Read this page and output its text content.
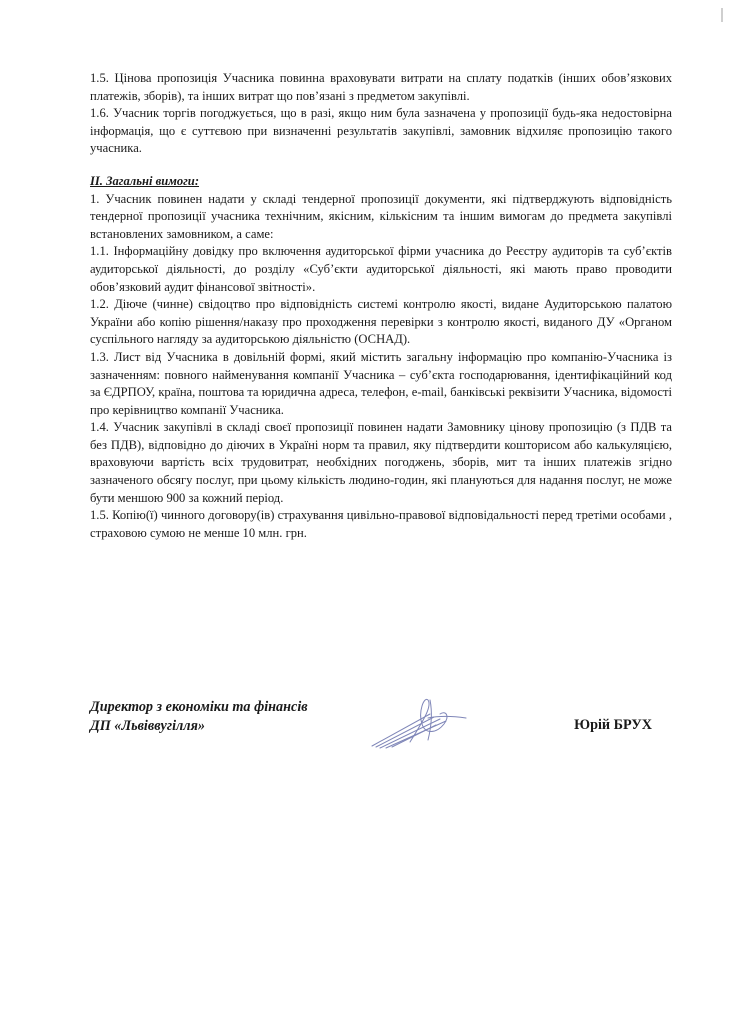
1.5. Цінова пропозиція Учасника повинна враховувати витрати на сплату податків (інших обов’язкових платежів, зборів), та інших витрат що пов’язані з предметом закупівлі.

1.6. Учасник торгів погоджується, що в разі, якщо ним була зазначена у пропозиції будь-яка недостовірна інформація, що є суттєвою при визначенні результатів закупівлі, замовник відхиляє пропозицію такого учасника.

ІІ. Загальні вимоги:

1. Учасник повинен надати у складі тендерної пропозиції документи, які підтверджують відповідність тендерної пропозиції учасника технічним, якісним, кількісним та іншим вимогам до предмета закупівлі встановлених замовником, а саме:

1.1. Інформаційну довідку про включення аудиторської фірми учасника до Реєстру аудиторів та суб’єктів аудиторської діяльності, до розділу «Суб’єкти аудиторської діяльності, які мають право проводити обов’язковий аудит фінансової звітності».

1.2. Діюче (чинне) свідоцтво про відповідність системі контролю якості, видане Аудиторською палатою України або копію рішення/наказу про проходження перевірки з контролю якості, виданого ДУ «Органом суспільного нагляду за аудиторською діяльністю (ОСНАД).

1.3. Лист від Учасника в довільній формі, який містить загальну інформацію про компанію-Учасника із зазначенням: повного найменування компанії Учасника – суб’єкта господарювання, ідентифікаційний код за ЄДРПОУ, країна, поштова та юридична адреса, телефон, e-mail, банківські реквізити Учасника, відомості про керівництво компанії Учасника.

1.4. Учасник закупівлі в складі своєї пропозиції повинен надати Замовнику цінову пропозицію (з ПДВ та без ПДВ), відповідно до діючих в Україні норм та правил, яку підтвердити кошторисом або калькуляцією, враховуючи вартість всіх трудовитрат, необхідних погоджень, зборів, мит та інших платежів згідно зазначеного обсягу послуг, при цьому кількість людино-годин, які плануються для надання послуг, не може бути меншою 900 за кожний період.

1.5. Копію(ї) чинного договору(ів) страхування цивільно-правової відповідальності перед третіми особами , страховою сумою не менше 10 млн. грн.

Директор з економіки та фінансів
ДП «Львіввугілля»	Юрій БРУХ
